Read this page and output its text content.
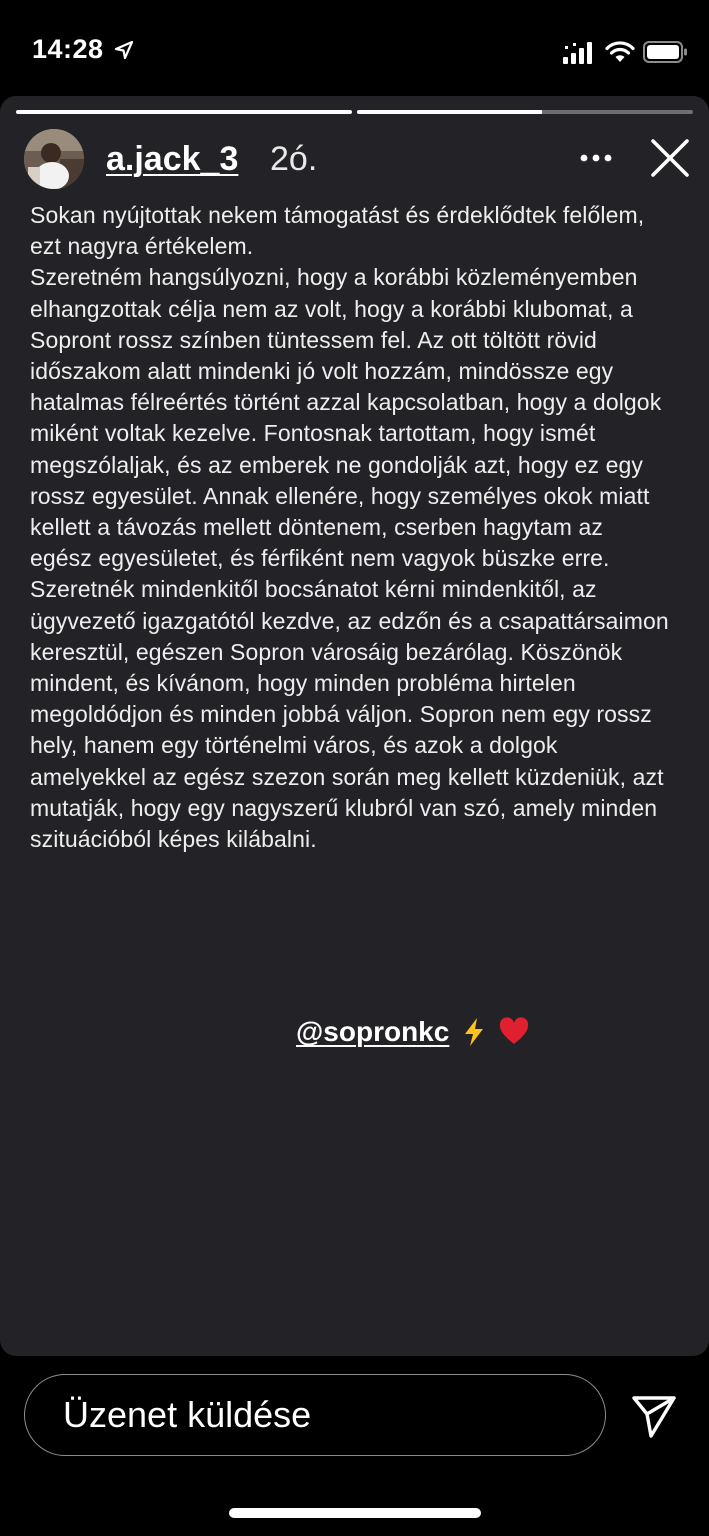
14:28
a.jack_3 2ó.
Sokan nyújtottak nekem támogatást és érdeklődtek felőlem, ezt nagyra értékelem.
Szeretném hangsúlyozni, hogy a korábbi közleményemben elhangzottak célja nem az volt, hogy a korábbi klubomat, a Sopront rossz színben tüntessem fel. Az ott töltött rövid időszakom alatt mindenki jó volt hozzám, mindössze egy hatalmas félreértés történt azzal kapcsolatban, hogy a dolgok miként voltak kezelve. Fontosnak tartottam, hogy ismét megszólaljak, és az emberek ne gondolják azt, hogy ez egy rossz egyesület. Annak ellenére, hogy személyes okok miatt kellett a távozás mellett döntenem, cserben hagytam az egész egyesületet, és férfiként nem vagyok büszke erre. Szeretnék mindenkitől bocsánatot kérni mindenkitől, az ügyvezető igazgatótól kezdve, az edzőn és a csapattársaimon keresztül, egészen Sopron városáig bezárólag. Köszönök mindent, és kívánom, hogy minden probléma hirtelen megoldódjon és minden jobbá váljon. Sopron nem egy rossz hely, hanem egy történelmi város, és azok a dolgok amelyekkel az egész szezon során meg kellett küzdeniük, azt mutatják, hogy egy nagyszerű klubról van szó, amely minden szituációból képes kilábalni.
@sopronkc
Üzenet küldése
